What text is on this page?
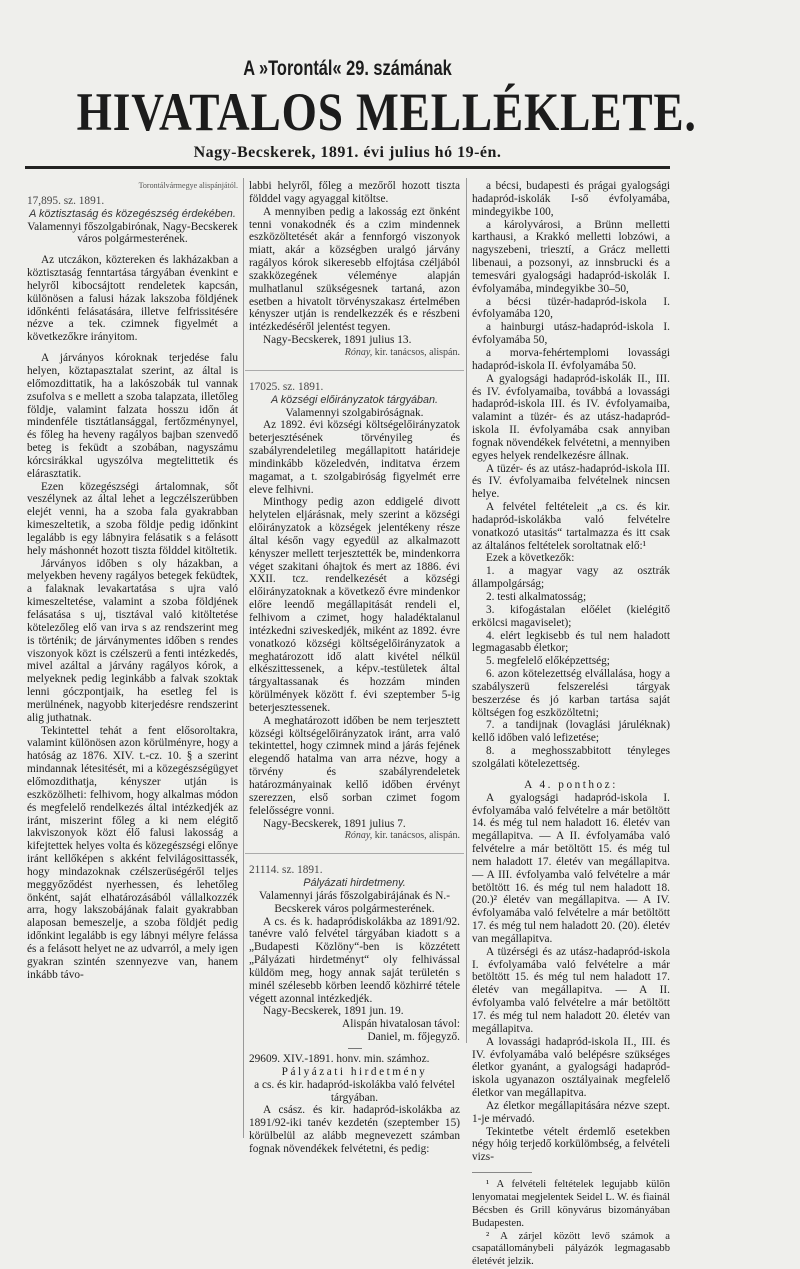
A »Torontál« 29. számának
HIVATALOS MELLÉKLETE.
Nagy-Becskerek, 1891. évi julius hó 19-én.

Torontálvármegye alispánjától.

17,895. sz. 1891.

A köztisztaság és közegészség érdekében.

Valamennyi főszolgabirónak, Nagy-Becskerek város polgármesterének.

Az utczákon, köztereken és lakházakban a köztisztaság fenntartása tárgyában évenkint e helyről kibocsájtott rendeletek kapcsán, különösen a falusi házak lakszoba földjének időnkénti felásatására, illetve felfrissitésére nézve a tek. czimnek figyelmét a következőkre irányitom.

A járványos kóroknak terjedése falu helyen, köztapasztalat szerint, az által is előmozdittatik, ha a lakószobák tul vannak zsufolva s e mellett a szoba talapzata, illetőleg földje, valamint falzata hosszu időn át mindenféle tisztátlansággal, fertőzménynyel, és főleg ha heveny ragályos bajban szenvedő beteg is feküdt a szobában, nagyszámu kórcsirákkal ugyszólva megtelittetik és elárasztatik.

Ezen közegészségi ártalomnak, sőt veszélynek az által lehet a legczélszerübben elejét venni, ha a szoba fala gyakrabban kimeszeltetik, a szoba földje pedig időnkint legalább is egy lábnyira felásatik s a felásott hely máshonnét hozott tiszta földdel kitöltetik.

Járványos időben s oly házakban, a melyekben heveny ragályos betegek feküdtek, a falaknak levakartatása s ujra való kimeszeltetése, valamint a szoba földjének felásatása s uj, tisztával való kitöltetése kötelezőleg elő van irva s az rendszerint meg is történik; de járványmentes időben s rendes viszonyok közt is czélszerü a fenti intézkedés, mivel azáltal a járvány ragályos kórok, a melyeknek pedig leginkább a falvak szoktak lenni góczpontjaik, ha esetleg fel is merülnének, nagyobb kiterjedésre rendszerint alig juthatnak.

Tekintettel tehát a fent elősoroltakra, valamint különösen azon körülményre, hogy a hatóság az 1876. XIV. t.-cz. 10. § a szerint mindannak létesitését, mi a közegészségügyet előmozdithatja, kényszer utján is eszközölheti: felhivom, hogy alkalmas módon és megfelelő rendelkezés által intézkedjék az iránt, miszerint főleg a ki nem elégitő lakviszonyok közt élő falusi lakosság a kifejtettek helyes volta és közegészségi előnye iránt kellőképen s akként felvilágosittassék, hogy mindazoknak czélszerüségéről teljes meggyőződést nyerhessen, és lehetőleg önként, saját elhatározásából vállalkozzék arra, hogy lakszobájának falait gyakrabban alaposan bemeszelje, a szoba földjét pedig időnkint legalább is egy lábnyi mélyre felássa és a felásott helyet ne az udvarról, a mely igen gyakran szintén szennyezve van, hanem inkább távo-

labbi helyről, főleg a mezőről hozott tiszta földdel vagy agyaggal kitöltse.

A mennyiben pedig a lakosság ezt önként tenni vonakodnék és a czim mindennek eszközöltetését akár a fennforgó viszonyok miatt, akár a községben uralgó járvány ragályos kórok sikeresebb elfojtása czéljából szakközegének véleménye alapján mulhatlanul szükségesnek tartaná, azon esetben a hivatolt törvényszakasz értelmében kényszer utján is rendelkezzék és e részbeni intézkedéséről jelentést tegyen.

Nagy-Becskerek, 1891 julius 13.

Rónay, kir. tanácsos, alispán.

17025. sz. 1891.

A községi előirányzatok tárgyában.

Valamennyi szolgabiróságnak.

Az 1892. évi községi költségelőirányzatok beterjesztésének törvényileg és szabályrendeletileg megállapitott határideje mindinkább közeledvén, inditatva érzem magamat, a t. szolgabiróság figyelmét erre eleve felhivni.

Minthogy pedig azon eddigelé divott helytelen eljárásnak, mely szerint a községi előirányzatok a községek jelentékeny része által későn vagy egyedül az alkalmazott kényszer mellett terjesztették be, mindenkorra véget szakitani óhajtok és mert az 1886. évi XXII. tcz. rendelkezését a községi előirányzatoknak a következő évre mindenkor előre leendő megállapitását rendeli el, felhivom a czimet, hogy haladéktalanul intézkedni sziveskedjék, miként az 1892. évre vonatkozó községi költségelőirányzatok a meghatározott idő alatt kivétel nélkül elkészittessenek, a képv.-testületek által tárgyaltassanak és hozzám minden körülmények között f. évi szeptember 5-ig beterjesztessenek.

A meghatározott időben be nem terjesztett községi költségelőirányzatok iránt, arra való tekintettel, hogy czimnek mind a járás fejének elegendő hatalma van arra nézve, hogy a törvény és szabályrendeletek határozmányainak kellő időben érvényt szerezzen, első sorban czimet fogom felelősségre vonni.

Nagy-Becskerek, 1891 julius 7.

Rónay, kir. tanácsos, alispán.

21114. sz. 1891.

Pályázati hirdetmeny.

Valamennyi járás főszolgabirájának és N.-Becskerek város polgármesterének.

A cs. és k. hadapródiskolákba az 1891/92. tanévre való felvétel tárgyában kiadott s a „Budapesti Közlöny“-ben is közzétett „Pályázati hirdetményt“ oly felhivással küldöm meg, hogy annak saját területén s minél szélesebb körben leendő közhirré tétele végett azonnal intézkedjék.

Nagy-Becskerek, 1891 jun. 19.

Alispán hivatalosan távol:

Daniel, m. főjegyző.

29609. XIV.-1891. honv. min. számhoz.

Pályázati hirdetmény

a cs. és kir. hadapród-iskolákba való felvétel tárgyában.

A csász. és kir. hadapród-iskolákba az 1891/92-iki tanév kezdetén (szeptember 15) körülbelül az alább megnevezett számban fognak növendékek felvétetni, és pedig:

a bécsi, budapesti és prágai gyalogsági hadapród-iskolák I-ső évfolyamába, mindegyikbe 100,

a károlyvárosi, a Brünn melletti karthausi, a Krakkó melletti lobzówi, a nagyszebeni, triesztí, a Grácz melletti libenaui, a pozsonyi, az innsbrucki és a temesvári gyalogsági hadapród-iskolák I. évfolyamába, mindegyikbe 30–50,

a bécsi tüzér-hadapród-iskola I. évfolyamába 120,

a hainburgi utász-hadapród-iskola I. évfolyamába 50,

a morva-fehértemplomi lovassági hadapród-iskola II. évfolyamába 50.

A gyalogsági hadapród-iskolák II., III. és IV. évfolyamaiba, továbbá a lovassági hadapród-iskola III. és IV. évfolyamaiba, valamint a tüzér- és az utász-hadapród-iskola II. évfolyamába csak annyiban fognak növendékek felvétetni, a mennyiben egyes helyek rendelkezésre állnak.

A tüzér- és az utász-hadapród-iskola III. és IV. évfolyamaiba felvételnek nincsen helye.

A felvétel feltételeit „a cs. és kir. hadapród-iskolákba való felvételre vonatkozó utasitás“ tartalmazza és itt csak az általános feltételek soroltatnak elő:¹

Ezek a következők:

1. a magyar vagy az osztrák állampolgárság;

2. testi alkalmatosság;

3. kifogástalan előélet (kielégitő erkölcsi magaviselet);

4. elért legkisebb és tul nem haladott legmagasabb életkor;

5. megfelelő előképzettség;

6. azon kötelezettség elvállalása, hogy a szabályszerü felszerelési tárgyak beszerzése és jó karban tartása saját költségen fog eszközöltetni;

7. a tandijnak (lovaglási járuléknak) kellő időben való lefizetése;

8. a meghosszabbitott tényleges szolgálati kötelezettség.

A 4. ponthoz:

A gyalogsági hadapród-iskola I. évfolyamába való felvételre a már betöltött 14. és még tul nem haladott 16. életév van megállapitva. — A II. évfolyamába való felvételre a már betöltött 15. és még tul nem haladott 17. életév van megállapitva. — A III. évfolyamba való felvételre a már betöltött 16. és még tul nem haladott 18. (20.)² életév van megállapitva. — A IV. évfolyamába való felvételre a már betöltött 17. és még tul nem haladott 20. (20). életév van megállapitva.

A tüzérségi és az utász-hadapród-iskola I. évfolyamába való felvételre a már betöltött 15. és még tul nem haladott 17. életév van megállapitva. — A II. évfolyamba való felvételre a már betöltött 17. és még tul nem haladott 20. életév van megállapitva.

A lovassági hadapród-iskola II., III. és IV. évfolyamába való belépésre szükséges életkor gyanánt, a gyalogsági hadapród-iskola ugyanazon osztályainak megfelelő életkor van megállapitva.

Az életkor megállapitására nézve szept. 1-je mérvadó.

Tekintetbe vételt érdemlő esetekben négy hóig terjedő korkülömbség, a felvételi vizs-

¹ A felvételi feltételek legujabb külön lenyomatai megjelentek Seidel L. W. és fiainál Bécsben és Grill könyvárus bizományában Budapesten.

² A zárjel között levő számok a csapatállománybeli pályázók legmagasabb életévét jelzik.
